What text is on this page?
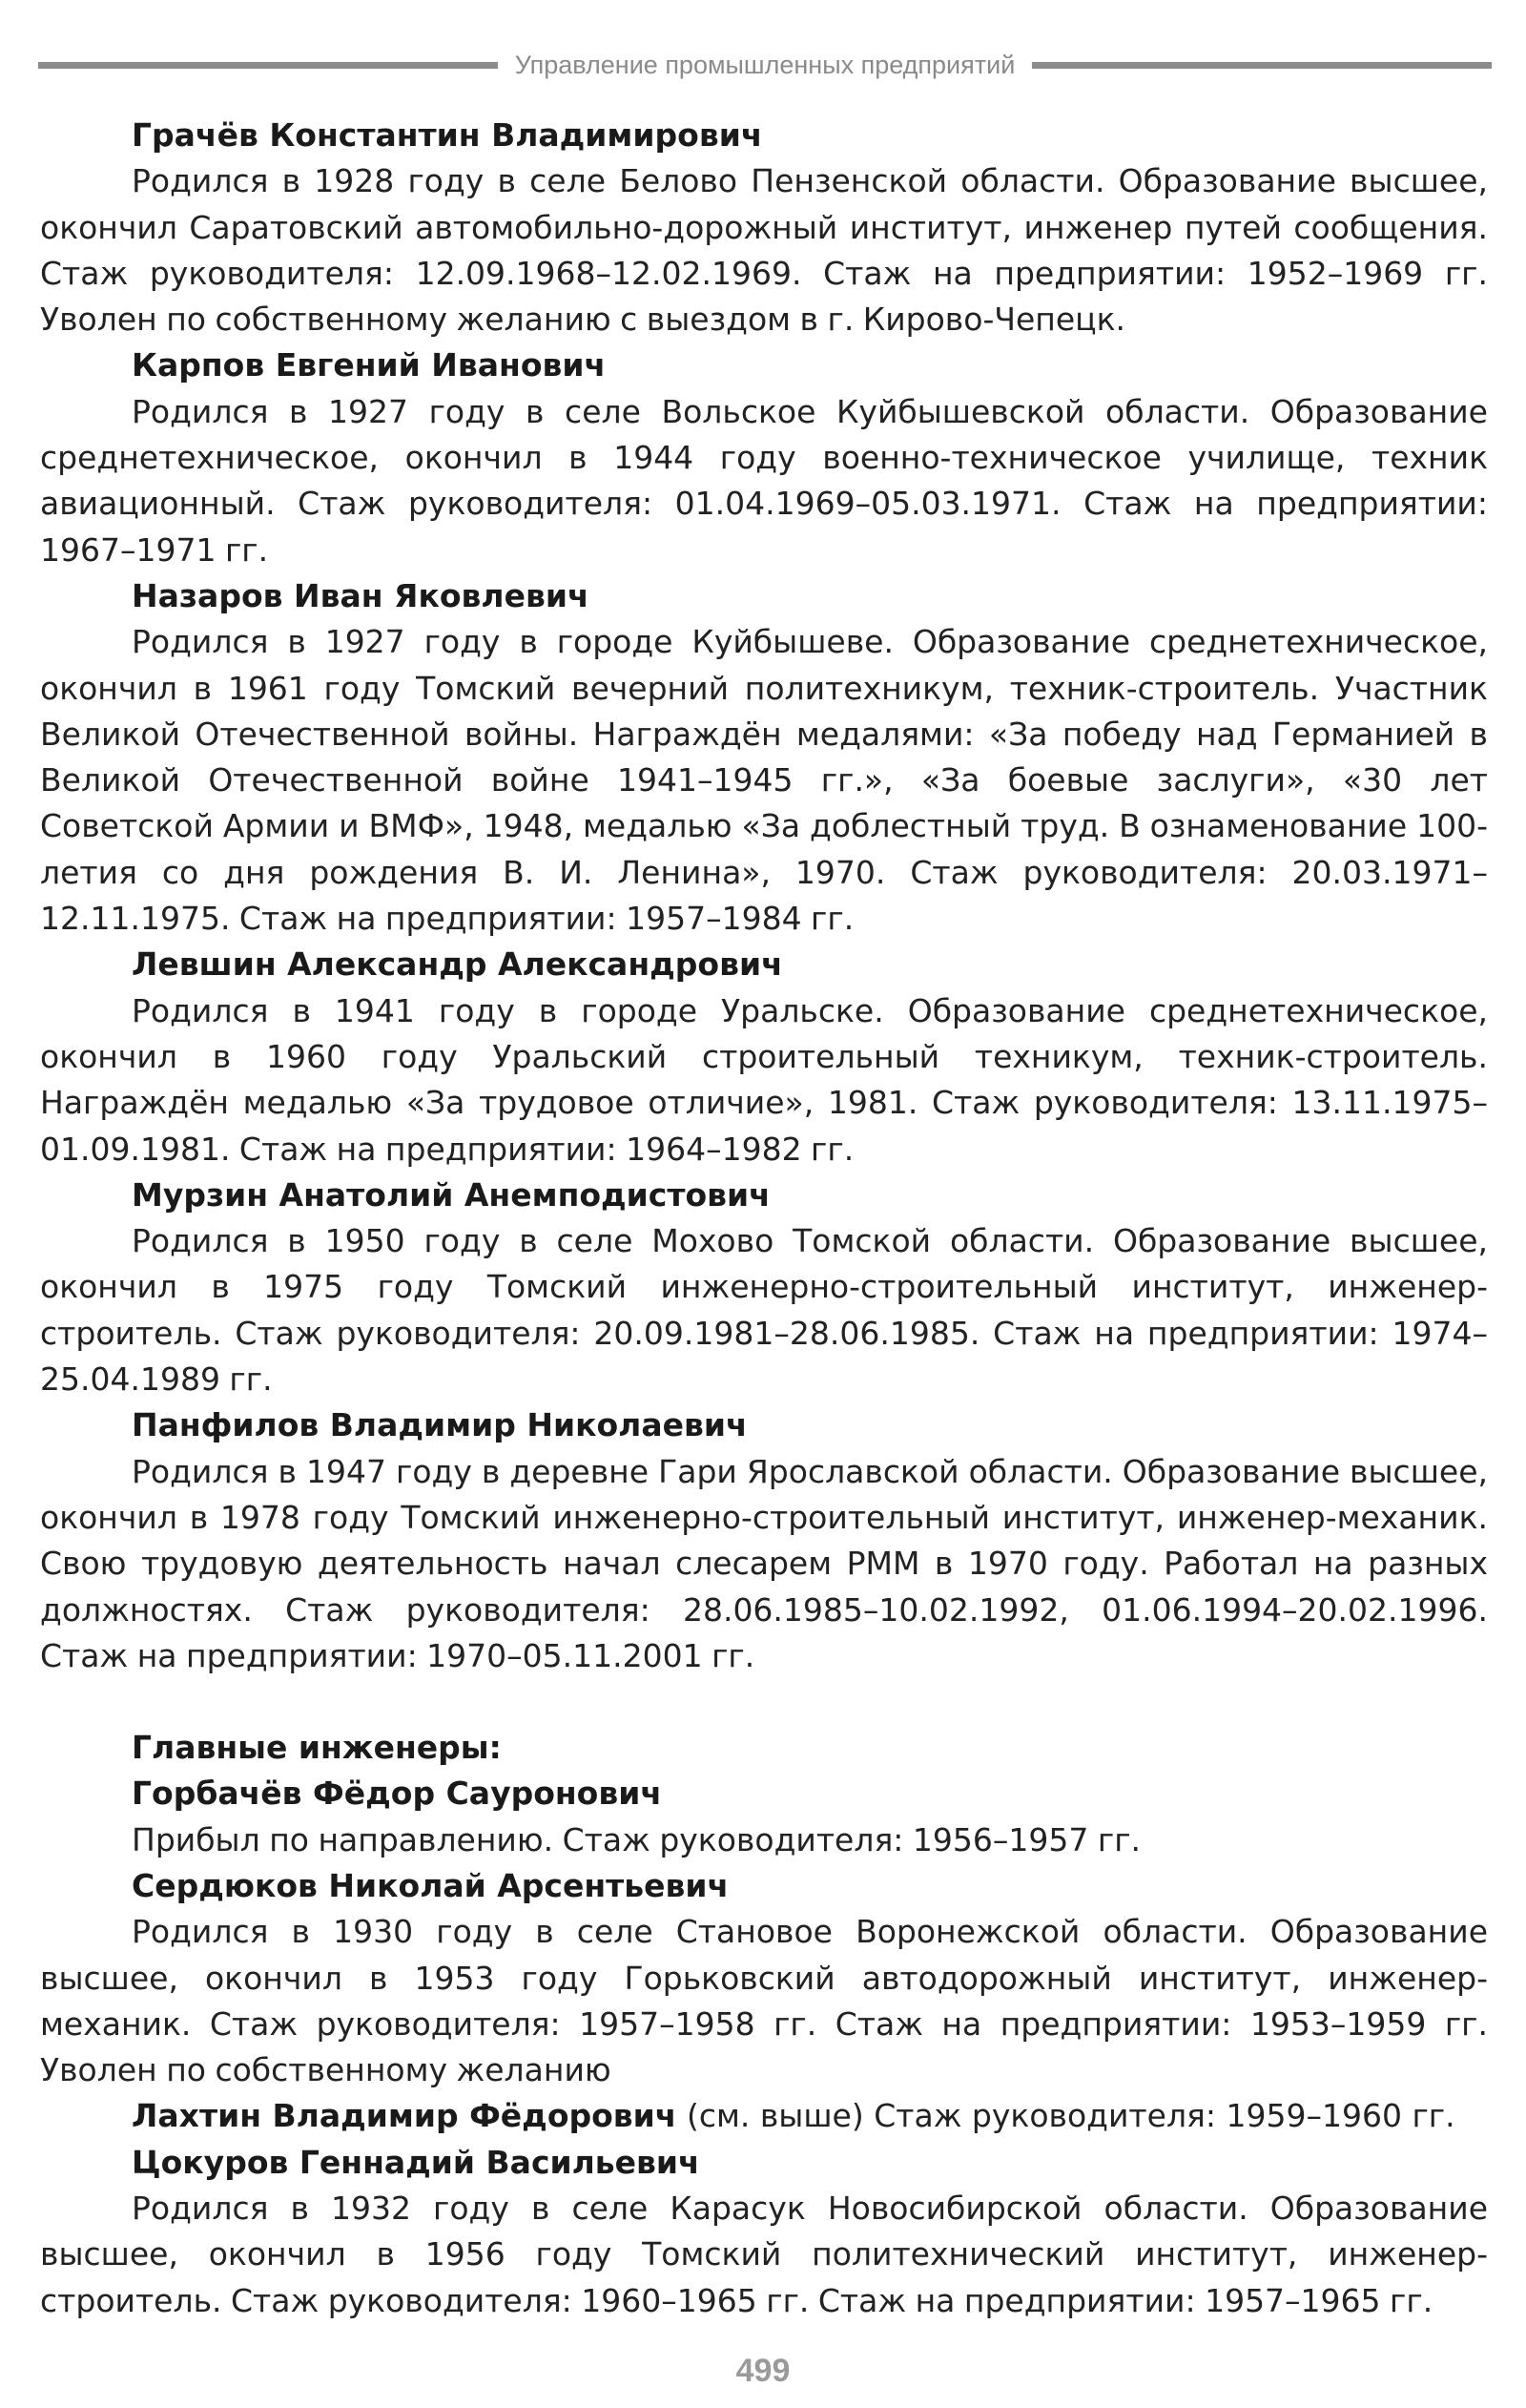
Управление промышленных предприятий

Грачёв Константин Владимирович

Родился в 1928 году в селе Белово Пензенской области. Образование высшее, окончил Саратовский автомобильно-дорожный институт, инженер путей сообщения. Стаж руководителя: 12.09.1968–12.02.1969. Стаж на предприятии: 1952–1969 гг. Уволен по собственному желанию с выездом в г. Кирово-Чепецк.

Карпов Евгений Иванович

Родился в 1927 году в селе Вольское Куйбышевской области. Образование среднетехническое, окончил в 1944 году военно-техническое училище, техник авиационный. Стаж руководителя: 01.04.1969–05.03.1971. Стаж на предприятии: 1967–1971 гг.

Назаров Иван Яковлевич

Родился в 1927 году в городе Куйбышеве. Образование среднетехническое, окончил в 1961 году Томский вечерний политехникум, техник-строитель. Участник Великой Отечественной войны. Награждён медалями: «За победу над Германией в Великой Отечественной войне 1941–1945 гг.», «За боевые заслуги», «30 лет Советской Армии и ВМФ», 1948, медалью «За доблестный труд. В ознаменование 100-летия со дня рождения В. И. Ленина», 1970. Стаж руководителя: 20.03.1971–12.11.1975. Стаж на предприятии: 1957–1984 гг.

Левшин Александр Александрович

Родился в 1941 году в городе Уральске. Образование среднетехническое, окончил в 1960 году Уральский строительный техникум, техник-строитель. Награждён медалью «За трудовое отличие», 1981. Стаж руководителя: 13.11.1975–01.09.1981. Стаж на предприятии: 1964–1982 гг.

Мурзин Анатолий Анемподистович

Родился в 1950 году в селе Мохово Томской области. Образование высшее, окончил в 1975 году Томский инженерно-строительный институт, инженер-строитель. Стаж руководителя: 20.09.1981–28.06.1985. Стаж на предприятии: 1974–25.04.1989 гг.

Панфилов Владимир Николаевич

Родился в 1947 году в деревне Гари Ярославской области. Образование высшее, окончил в 1978 году Томский инженерно-строительный институт, инженер-механик. Свою трудовую деятельность начал слесарем РММ в 1970 году. Работал на разных должностях. Стаж руководителя: 28.06.1985–10.02.1992, 01.06.1994–20.02.1996. Стаж на предприятии: 1970–05.11.2001 гг.

Главные инженеры:

Горбачёв Фёдор Сауронович

Прибыл по направлению. Стаж руководителя: 1956–1957 гг.

Сердюков Николай Арсентьевич

Родился в 1930 году в селе Становое Воронежской области. Образование высшее, окончил в 1953 году Горьковский автодорожный институт, инженер-механик. Стаж руководителя: 1957–1958 гг. Стаж на предприятии: 1953–1959 гг. Уволен по собственному желанию

Лахтин Владимир Фёдорович (см. выше) Стаж руководителя: 1959–1960 гг.

Цокуров Геннадий Васильевич

Родился в 1932 году в селе Карасук Новосибирской области. Образование высшее, окончил в 1956 году Томский политехнический институт, инженер-строитель. Стаж руководителя: 1960–1965 гг. Стаж на предприятии: 1957–1965 гг.

499
